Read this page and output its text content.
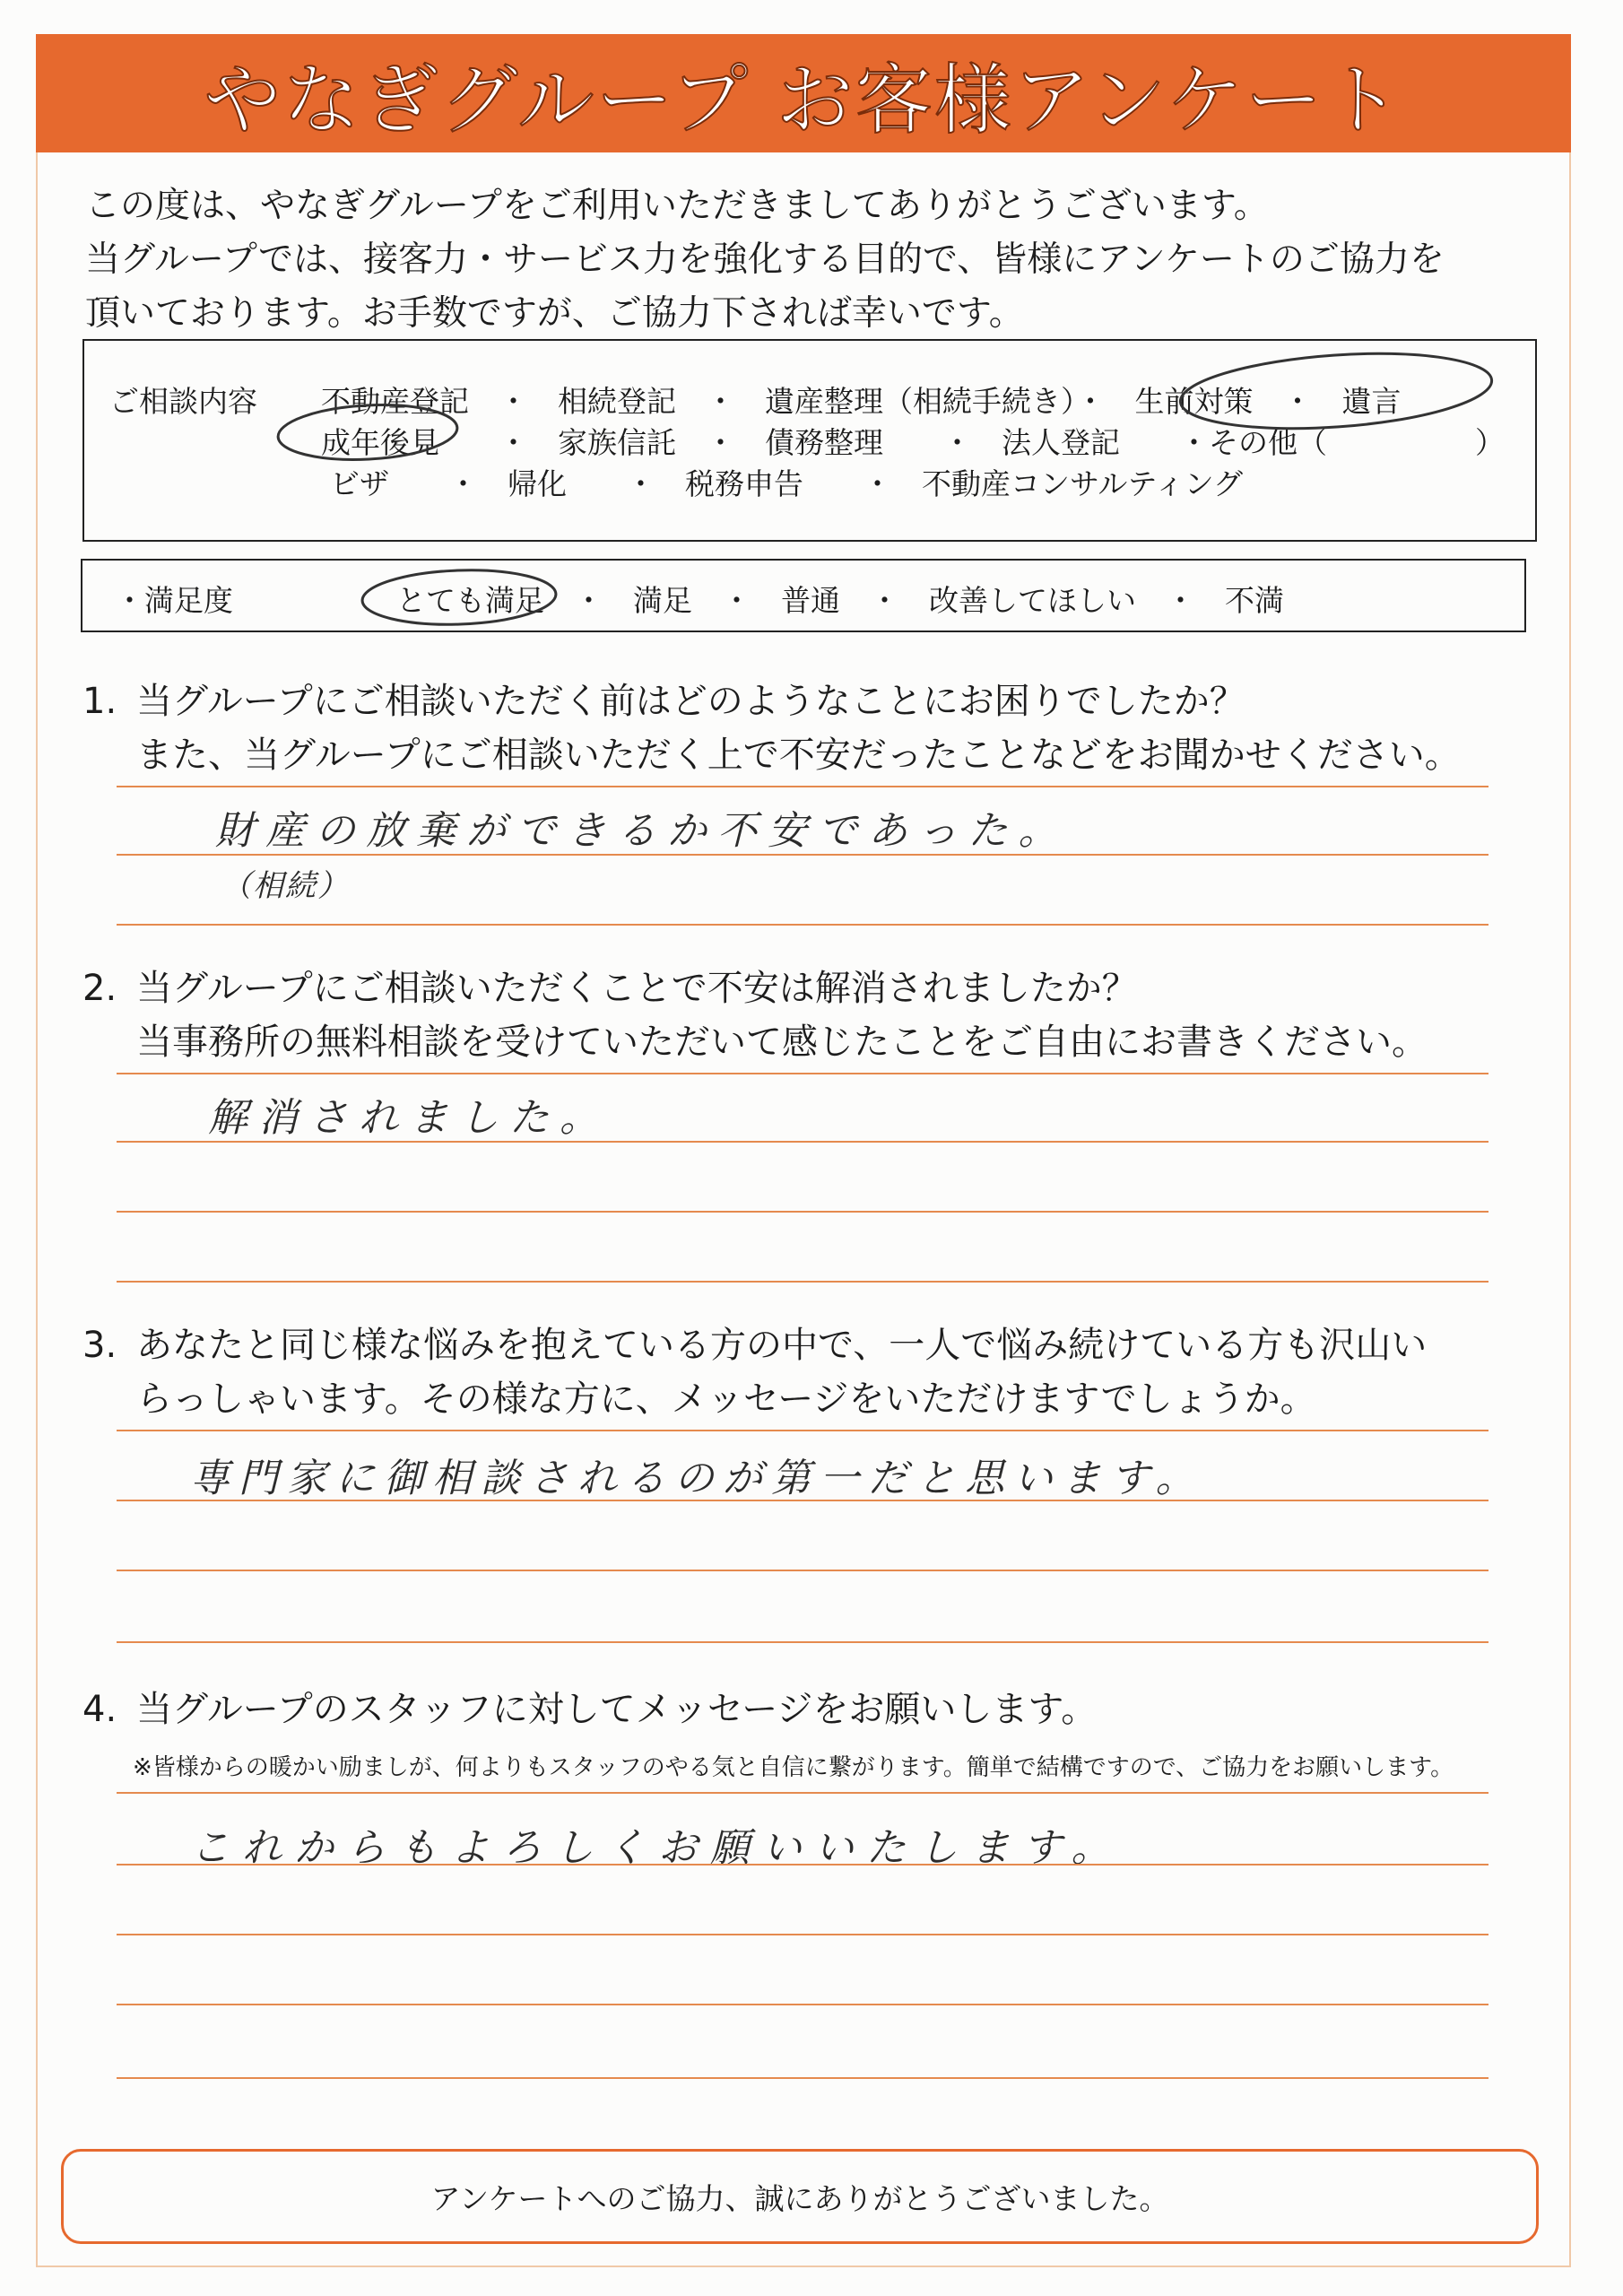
やなぎグループ お客様アンケート
この度は、やなぎグループをご利用いただきましてありがとうございます。
当グループでは、接客力・サービス力を強化する目的で、皆様にアンケートのご協力を
頂いております。お手数ですが、ご協力下されば幸いです。
ご相談内容 不動産登記　・　相続登記　・　遺産整理（相続手続き）・　生前対策　・　遺言
成年後見　　・　家族信託　・　債務整理　　・　法人登記　　・その他（　　　　　）
ビザ　　・　帰化　　・　税務申告　　・　不動産コンサルティング
・満足度	とても満足　・　満足　・　普通　・　改善してほしい　・　不満
1. 当グループにご相談いただく前はどのようなことにお困りでしたか？
また、当グループにご相談いただく上で不安だったことなどをお聞かせください。
財産の放棄ができるか不安であった。
（相続）
2. 当グループにご相談いただくことで不安は解消されましたか？
当事務所の無料相談を受けていただいて感じたことをご自由にお書きください。
解消されました。
3. あなたと同じ様な悩みを抱えている方の中で、一人で悩み続けている方も沢山い
らっしゃいます。その様な方に、メッセージをいただけますでしょうか。
専門家に御相談されるのが第一だと思います。
4. 当グループのスタッフに対してメッセージをお願いします。
※皆様からの暖かい励ましが、何よりもスタッフのやる気と自信に繋がります。簡単で結構ですので、ご協力をお願いします。
これからもよろしくお願いいたします。
アンケートへのご協力、誠にありがとうございました。
